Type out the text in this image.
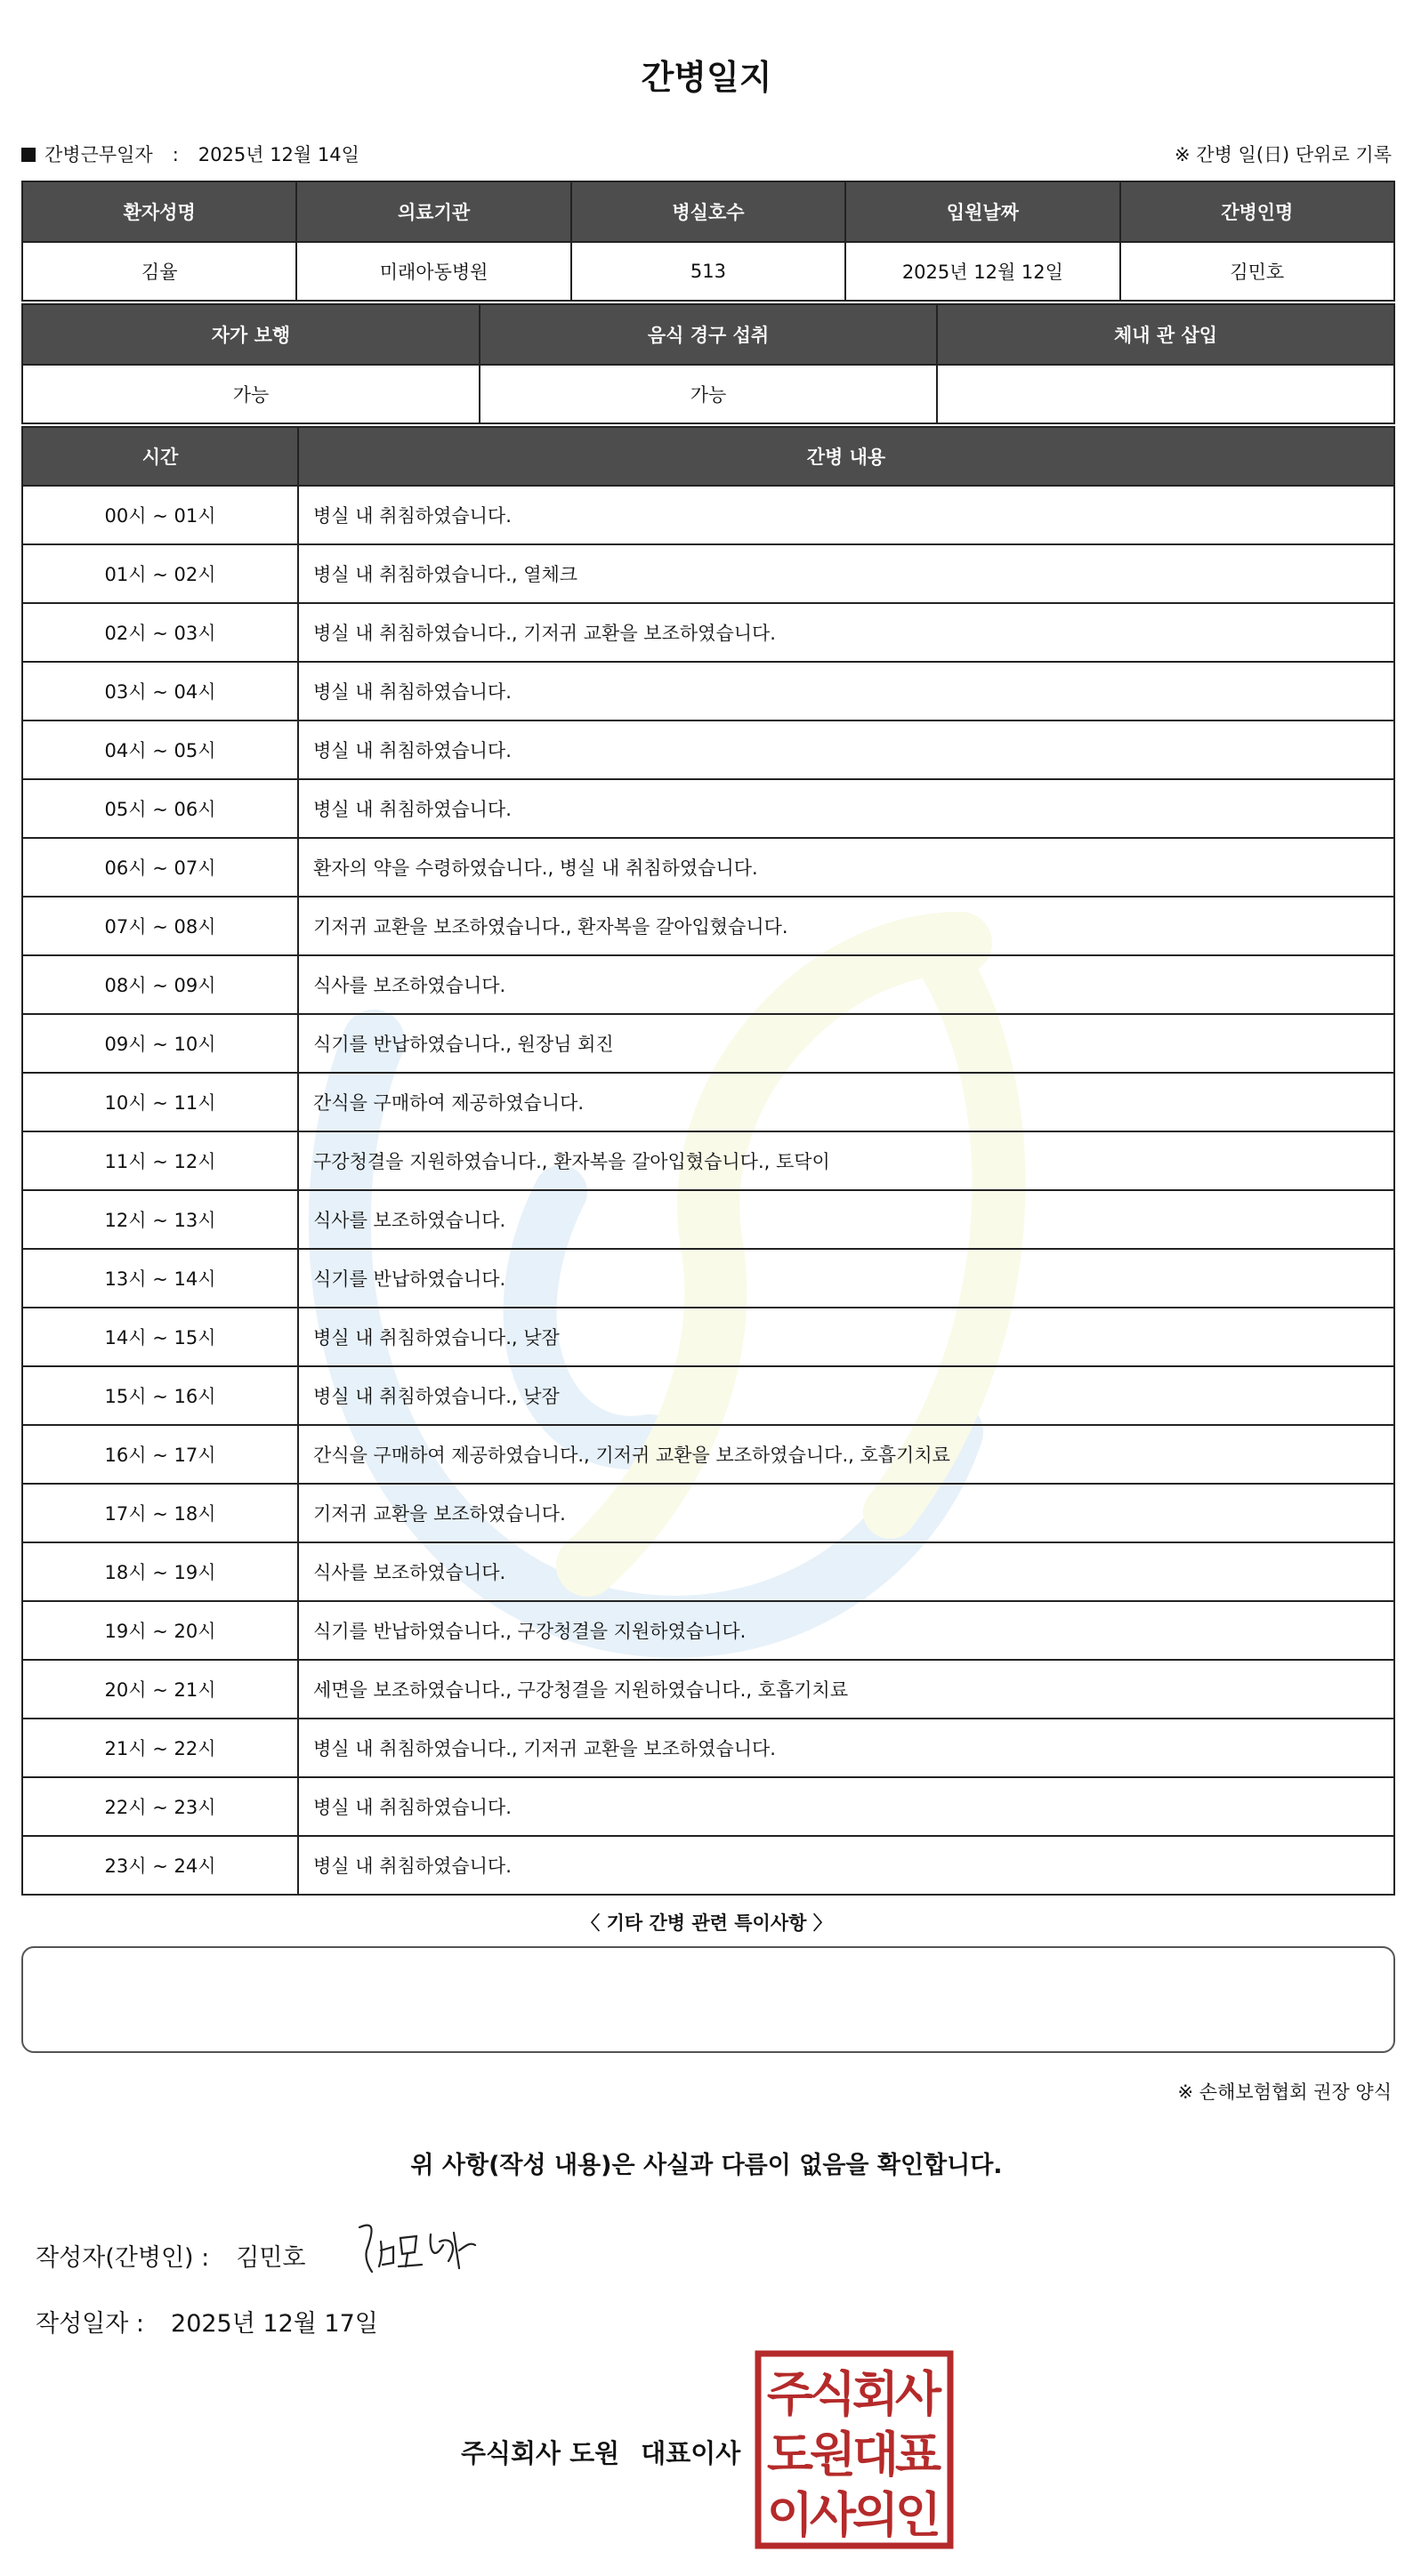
간병일지
간병근무일자 : 2025년 12월 14일	※ 간병 일(日) 단위로 기록
환자성명	의료기관	병실호수	입원날짜	간병인명
김율	미래아동병원	513	2025년 12월 12일	김민호
자가 보행	음식 경구 섭취	체내 관 삽입
가능	가능	
시간	간병 내용
00시 ~ 01시	병실 내 취침하였습니다.
01시 ~ 02시	병실 내 취침하였습니다., 열체크
02시 ~ 03시	병실 내 취침하였습니다., 기저귀 교환을 보조하였습니다.
03시 ~ 04시	병실 내 취침하였습니다.
04시 ~ 05시	병실 내 취침하였습니다.
05시 ~ 06시	병실 내 취침하였습니다.
06시 ~ 07시	환자의 약을 수령하였습니다., 병실 내 취침하였습니다.
07시 ~ 08시	기저귀 교환을 보조하였습니다., 환자복을 갈아입혔습니다.
08시 ~ 09시	식사를 보조하였습니다.
09시 ~ 10시	식기를 반납하였습니다., 원장님 회진
10시 ~ 11시	간식을 구매하여 제공하였습니다.
11시 ~ 12시	구강청결을 지원하였습니다., 환자복을 갈아입혔습니다., 토닥이
12시 ~ 13시	식사를 보조하였습니다.
13시 ~ 14시	식기를 반납하였습니다.
14시 ~ 15시	병실 내 취침하였습니다., 낮잠
15시 ~ 16시	병실 내 취침하였습니다., 낮잠
16시 ~ 17시	간식을 구매하여 제공하였습니다., 기저귀 교환을 보조하였습니다., 호흡기치료
17시 ~ 18시	기저귀 교환을 보조하였습니다.
18시 ~ 19시	식사를 보조하였습니다.
19시 ~ 20시	식기를 반납하였습니다., 구강청결을 지원하였습니다.
20시 ~ 21시	세면을 보조하였습니다., 구강청결을 지원하였습니다., 호흡기치료
21시 ~ 22시	병실 내 취침하였습니다., 기저귀 교환을 보조하였습니다.
22시 ~ 23시	병실 내 취침하였습니다.
23시 ~ 24시	병실 내 취침하였습니다.
〈 기타 간병 관련 특이사항 〉
※ 손해보험협회 권장 양식
위 사항(작성 내용)은 사실과 다름이 없음을 확인합니다.
작성자(간병인) : 김민호
작성일자 : 2025년 12월 17일
주식회사 도원 대표이사
주
식
회
사
도
원
대
표
이
사
의
인
